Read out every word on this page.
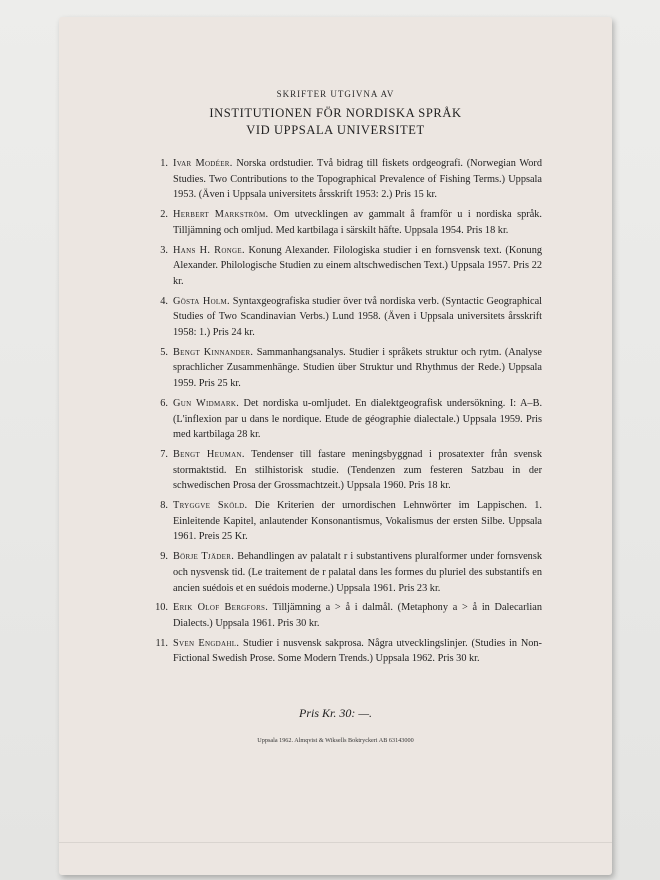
SKRIFTER UTGIVNA AV
INSTITUTIONEN FÖR NORDISKA SPRÅK
VID UPPSALA UNIVERSITET
1. Ivar Modéer. Norska ordstudier. Två bidrag till fiskets ordgeografi. (Norwegian Word Studies. Two Contributions to the Topographical Prevalence of Fishing Terms.) Uppsala 1953. (Även i Uppsala universitets årsskrift 1953: 2.) Pris 15 kr.
2. Herbert Markström. Om utvecklingen av gammalt å framför u i nordiska språk. Tilljämning och omljud. Med kartbilaga i särskilt häfte. Uppsala 1954. Pris 18 kr.
3. Hans H. Ronge. Konung Alexander. Filologiska studier i en fornsvensk text. (Konung Alexander. Philologische Studien zu einem altschwedischen Text.) Uppsala 1957. Pris 22 kr.
4. Gösta Holm. Syntaxgeografiska studier över två nordiska verb. (Syntactic Geographical Studies of Two Scandinavian Verbs.) Lund 1958. (Även i Uppsala universitets årsskrift 1958: 1.) Pris 24 kr.
5. Bengt Kinnander. Sammanhangsanalys. Studier i språkets struktur och rytm. (Analyse sprachlicher Zusammenhänge. Studien über Struktur und Rhythmus der Rede.) Uppsala 1959. Pris 25 kr.
6. Gun Widmark. Det nordiska u-omljudet. En dialektgeografisk undersökning. I: A–B. (L'inflexion par u dans le nordique. Etude de géographie dialectale.) Uppsala 1959. Pris med kartbilaga 28 kr.
7. Bengt Heuman. Tendenser till fastare meningsbyggnad i prosatexter från svensk stormaktstid. En stilhistorisk studie. (Tendenzen zum festeren Satzbau in der schwedischen Prosa der Grossmachtzeit.) Uppsala 1960. Pris 18 kr.
8. Tryggve Sköld. Die Kriterien der urnordischen Lehnwörter im Lappischen. 1. Einleitende Kapitel, anlautender Konsonantismus, Vokalismus der ersten Silbe. Uppsala 1961. Preis 25 Kr.
9. Börje Tjäder. Behandlingen av palatalt r i substantivens pluralformer under fornsvensk och nysvensk tid. (Le traitement de r palatal dans les formes du pluriel des substantifs en ancien suédois et en suédois moderne.) Uppsala 1961. Pris 23 kr.
10. Erik Olof Bergfors. Tilljämning a > å i dalmål. (Metaphony a > å in Dalecarlian Dialects.) Uppsala 1961. Pris 30 kr.
11. Sven Engdahl. Studier i nusvensk sakprosa. Några utvecklingslinjer. (Studies in Non-Fictional Swedish Prose. Some Modern Trends.) Uppsala 1962. Pris 30 kr.
Pris Kr. 30: —.
Uppsala 1962. Almqvist & Wiksells Boktryckeri AB 63143000
